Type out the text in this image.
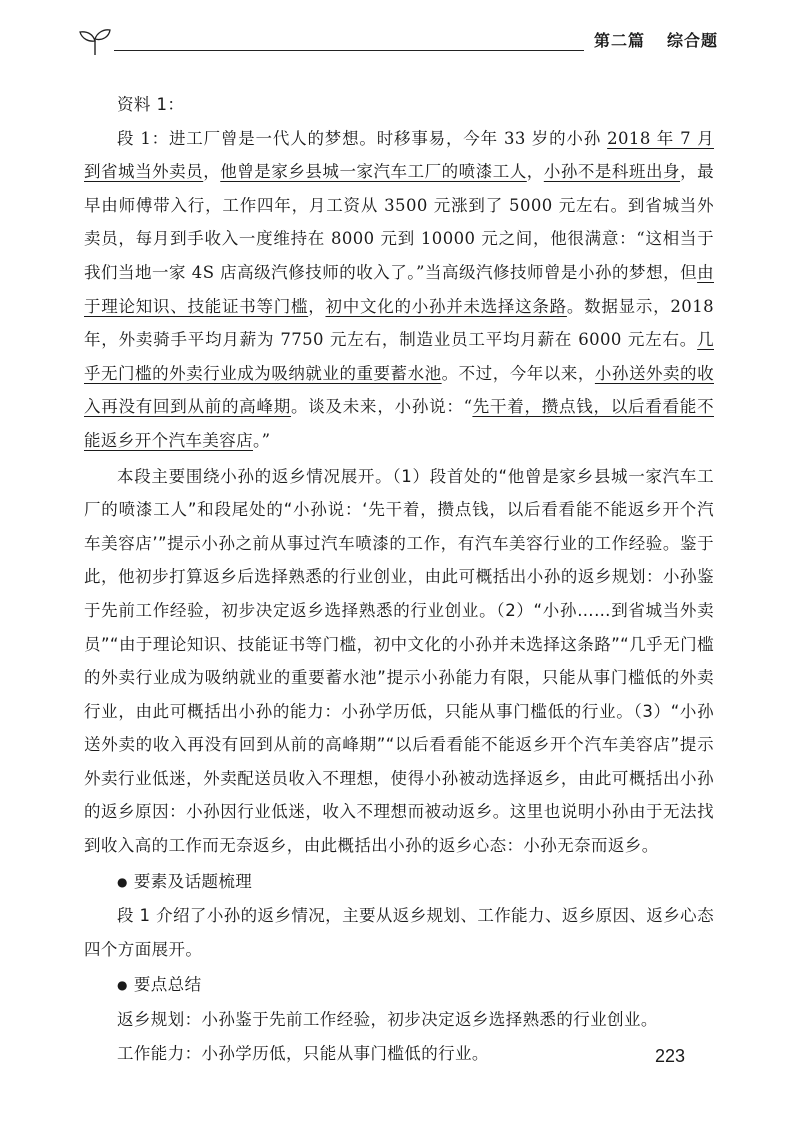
第二篇 综合题

资料 1：

段 1：进工厂曾是一代人的梦想。时移事易，今年 33 岁的小孙 2018 年 7 月到省城当外卖员，他曾是家乡县城一家汽车工厂的喷漆工人，小孙不是科班出身，最早由师傅带入行，工作四年，月工资从 3500 元涨到了 5000 元左右。到省城当外卖员，每月到手收入一度维持在 8000 元到 10000 元之间，他很满意：“这相当于我们当地一家 4S 店高级汽修技师的收入了。”当高级汽修技师曾是小孙的梦想，但由于理论知识、技能证书等门槛，初中文化的小孙并未选择这条路。数据显示，2018 年，外卖骑手平均月薪为 7750 元左右，制造业员工平均月薪在 6000 元左右。几乎无门槛的外卖行业成为吸纳就业的重要蓄水池。不过，今年以来，小孙送外卖的收入再没有回到从前的高峰期。谈及未来，小孙说：“先干着，攒点钱，以后看看能不能返乡开个汽车美容店。”

本段主要围绕小孙的返乡情况展开。（1）段首处的“他曾是家乡县城一家汽车工厂的喷漆工人”和段尾处的“小孙说：‘先干着，攒点钱，以后看看能不能返乡开个汽车美容店’”提示小孙之前从事过汽车喷漆的工作，有汽车美容行业的工作经验。鉴于此，他初步打算返乡后选择熟悉的行业创业，由此可概括出小孙的返乡规划：小孙鉴于先前工作经验，初步决定返乡选择熟悉的行业创业。（2）“小孙……到省城当外卖员”“由于理论知识、技能证书等门槛，初中文化的小孙并未选择这条路”“几乎无门槛的外卖行业成为吸纳就业的重要蓄水池”提示小孙能力有限，只能从事门槛低的外卖行业，由此可概括出小孙的能力：小孙学历低，只能从事门槛低的行业。（3）“小孙送外卖的收入再没有回到从前的高峰期”“以后看看能不能返乡开个汽车美容店”提示外卖行业低迷，外卖配送员收入不理想，使得小孙被动选择返乡，由此可概括出小孙的返乡原因：小孙因行业低迷，收入不理想而被动返乡。这里也说明小孙由于无法找到收入高的工作而无奈返乡，由此概括出小孙的返乡心态：小孙无奈而返乡。

● 要素及话题梳理

段 1 介绍了小孙的返乡情况，主要从返乡规划、工作能力、返乡原因、返乡心态四个方面展开。

● 要点总结

返乡规划：小孙鉴于先前工作经验，初步决定返乡选择熟悉的行业创业。

工作能力：小孙学历低，只能从事门槛低的行业。	223
